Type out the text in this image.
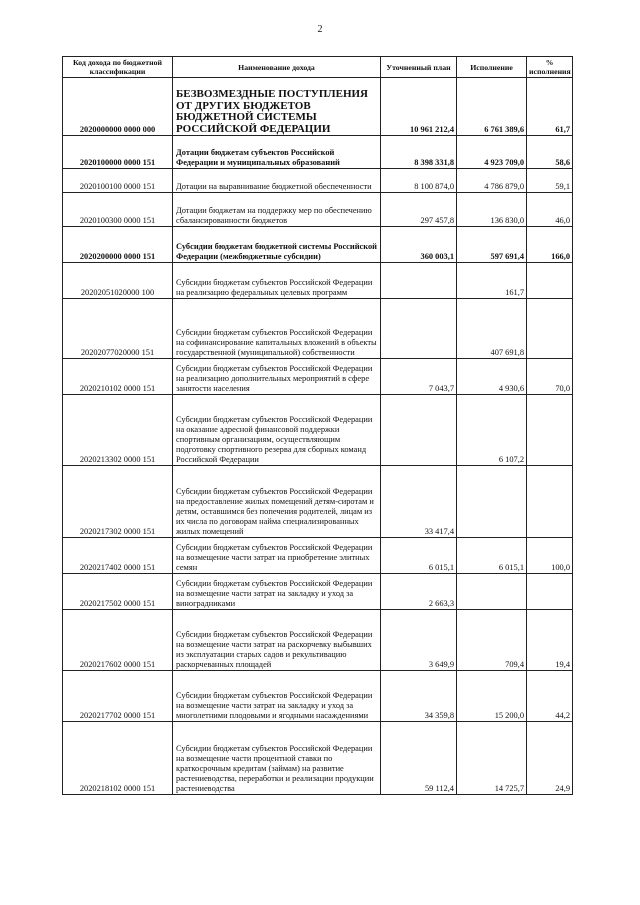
2
Код дохода по бюджетной классификации	Наименование дохода	Уточненный план	Исполнение	% исполнения
2020000000 0000 000	БЕЗВОЗМЕЗДНЫЕ ПОСТУПЛЕНИЯ ОТ ДРУГИХ БЮДЖЕТОВ БЮДЖЕТНОЙ СИСТЕМЫ РОССИЙСКОЙ ФЕДЕРАЦИИ	10 961 212,4	6 761 389,6	61,7
2020100000 0000 151	Дотации бюджетам субъектов Российской Федерации и муниципальных образований	8 398 331,8	4 923 709,0	58,6
2020100100 0000 151	Дотации на выравнивание бюджетной обеспеченности	8 100 874,0	4 786 879,0	59,1
2020100300 0000 151	Дотации бюджетам на поддержку мер по обеспечению сбалансированности бюджетов	297 457,8	136 830,0	46,0
2020200000 0000 151	Субсидии бюджетам бюджетной системы Российской Федерации (межбюджетные субсидии)	360 003,1	597 691,4	166,0
20202051020000 100	Субсидии бюджетам субъектов Российской Федерации на реализацию федеральных целевых программ		161,7	
20202077020000 151	Субсидии бюджетам субъектов Российской Федерации на софинансирование капитальных вложений в объекты государственной (муниципальной) собственности		407 691,8	
2020210102 0000 151	Субсидии бюджетам субъектов Российской Федерации на реализацию дополнительных мероприятий в сфере занятости населения	7 043,7	4 930,6	70,0
2020213302 0000 151	Субсидии бюджетам субъектов Российской Федерации на оказание адресной финансовой поддержки спортивным организациям, осуществляющим подготовку спортивного резерва для сборных команд Российской Федерации		6 107,2	
2020217302 0000 151	Субсидии бюджетам субъектов Российской Федерации на предоставление жилых помещений детям-сиротам и детям, оставшимся без попечения родителей, лицам из их числа по договорам найма специализированных жилых помещений	33 417,4		
2020217402 0000 151	Субсидии бюджетам субъектов Российской Федерации на возмещение части затрат на приобретение элитных семян	6 015,1	6 015,1	100,0
2020217502 0000 151	Субсидии бюджетам субъектов Российской Федерации на возмещение части затрат на закладку и уход за виноградниками	2 663,3		
2020217602 0000 151	Субсидии бюджетам субъектов Российской Федерации на возмещение части затрат на раскорчевку выбывших из эксплуатации старых садов и рекультивацию раскорчеванных площадей	3 649,9	709,4	19,4
2020217702 0000 151	Субсидии бюджетам субъектов Российской Федерации на возмещение части затрат на закладку и уход за многолетними плодовыми и ягодными насаждениями	34 359,8	15 200,0	44,2
2020218102 0000 151	Субсидии бюджетам субъектов Российской Федерации на возмещение части процентной ставки по краткосрочным кредитам (займам) на развитие растениеводства, переработки и реализации продукции растениеводства	59 112,4	14 725,7	24,9
